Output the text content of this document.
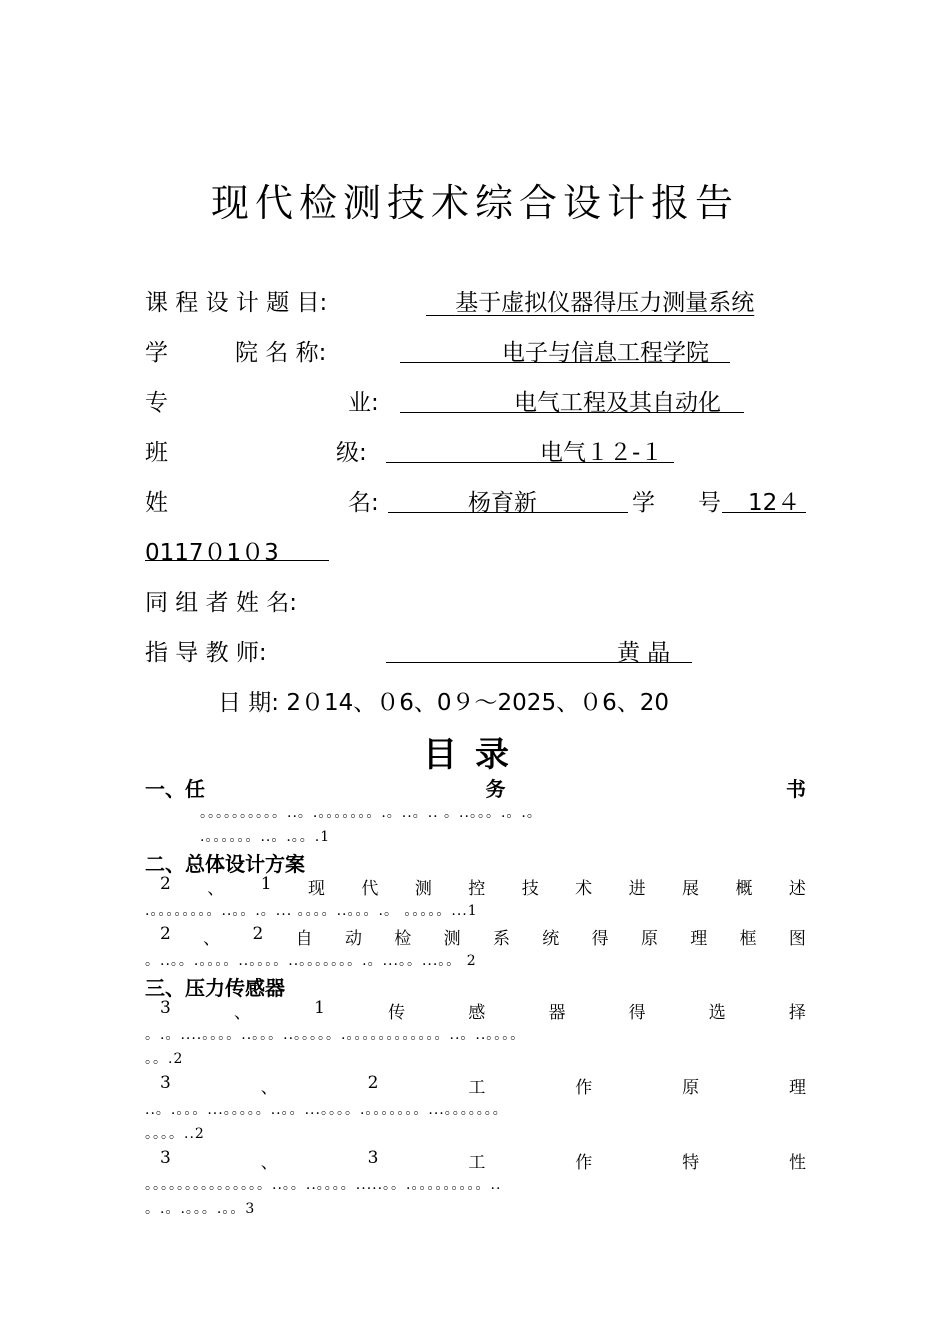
现代检测技术综合设计报告
课 程 设 计 题 目:	基于虚拟仪器得压力测量系统
学	院 名 称:	电子与信息工程学院
专	业:	电气工程及其自动化
班	级:	电气１２-１
姓	名:	杨育新	学 号 12４
0117０1０3
同 组 者 姓 名:
指 导 教 师:	黄 晶
日 期: 2０14、０6、0９～2025、０6、20
目录
一、任	务	书
。。。。。。。。。。..。.。。。。。。。.。..。.. 。..。。。.。.。
.。。。。。。..。.。。.1
二、总体设计方案
2 、 1 现 代 测 控 技 术 进 展 概 述
.。。。。。。。。..。。.。... 。。。。..。。。.。 。。。。。...1
2 、 2 自 动 检 测 系 统 得 原 理 框 图
。..。。.。。。。..。。。。..。。。。。。。.。...。。...。。 2
三、压力传感器
3	、	1	传	感	器	得	选	择
。.。....。。。。..。。。..。。。。。.。。。。。。。。。。。。..。..。。。。
。。.2
3	、	2	工	作	原	理
..。.。。。...。。。。。..。。...。。。。.。。。。。。。...。。。。。。。
。。。。..2
3	、	3	工	作	特	性
。。。。。。。。。。。。。。。..。。..。。。。.....。。.。。。。。。。。。..
。.。.。。。.。。3
